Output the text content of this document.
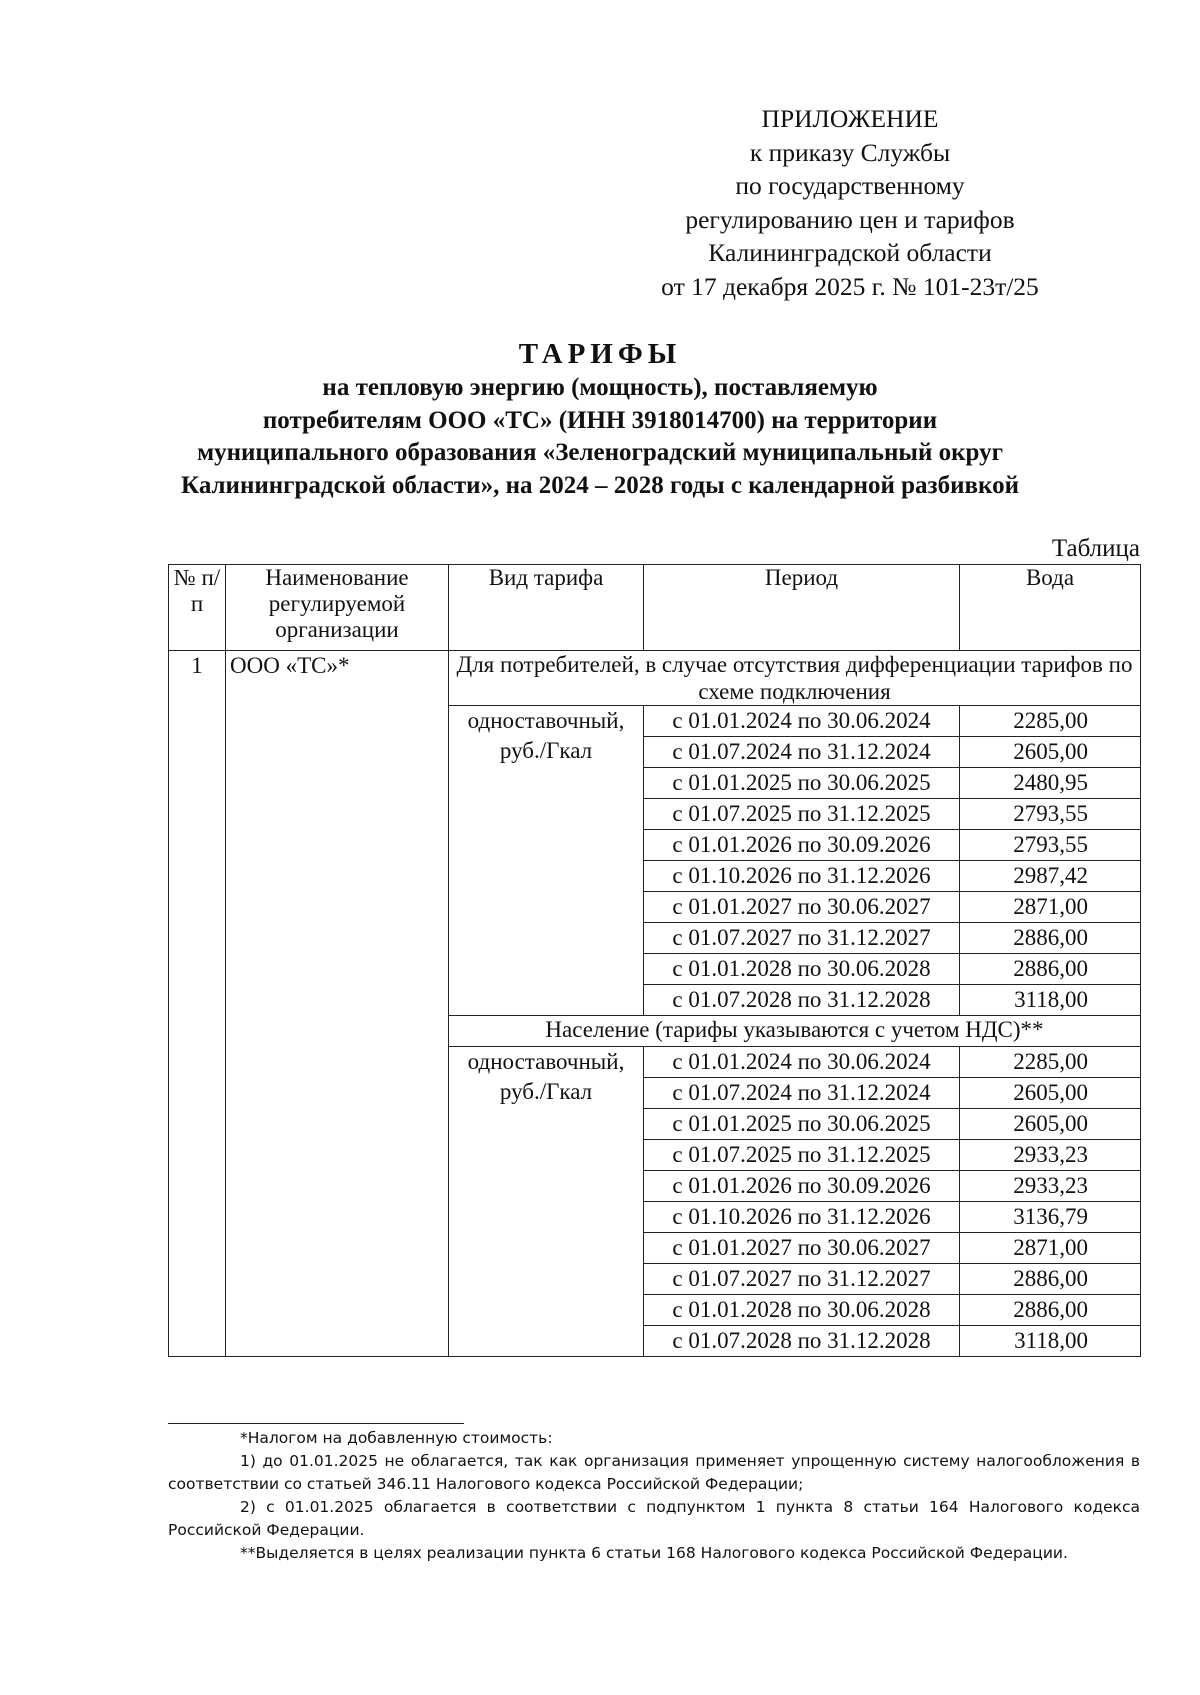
ПРИЛОЖЕНИЕ
к приказу Службы
по государственному
регулированию цен и тарифов
Калининградской области
от 17 декабря 2025 г. № 101-23т/25
ТАРИФЫ
на тепловую энергию (мощность), поставляемую
потребителям ООО «ТС» (ИНН 3918014700) на территории
муниципального образования «Зеленоградский муниципальный округ
Калининградской области», на 2024 – 2028 годы с календарной разбивкой
Таблица
№ п/п	Наименование регулируемой организации	Вид тарифа	Период	Вода
1	ООО «ТС»*	Для потребителей, в случае отсутствия дифференциации тарифов по схеме подключения		
		одноставочный, руб./Гкал	с 01.01.2024 по 30.06.2024	2285,00
			с 01.07.2024 по 31.12.2024	2605,00
			с 01.01.2025 по 30.06.2025	2480,95
			с 01.07.2025 по 31.12.2025	2793,55
			с 01.01.2026 по 30.09.2026	2793,55
			с 01.10.2026 по 31.12.2026	2987,42
			с 01.01.2027 по 30.06.2027	2871,00
			с 01.07.2027 по 31.12.2027	2886,00
			с 01.01.2028 по 30.06.2028	2886,00
			с 01.07.2028 по 31.12.2028	3118,00
		Население (тарифы указываются с учетом НДС)**		
		одноставочный, руб./Гкал	с 01.01.2024 по 30.06.2024	2285,00
			с 01.07.2024 по 31.12.2024	2605,00
			с 01.01.2025 по 30.06.2025	2605,00
			с 01.07.2025 по 31.12.2025	2933,23
			с 01.01.2026 по 30.09.2026	2933,23
			с 01.10.2026 по 31.12.2026	3136,79
			с 01.01.2027 по 30.06.2027	2871,00
			с 01.07.2027 по 31.12.2027	2886,00
			с 01.01.2028 по 30.06.2028	2886,00
			с 01.07.2028 по 31.12.2028	3118,00
*Налогом на добавленную стоимость:
1) до 01.01.2025 не облагается, так как организация применяет упрощенную систему налогообложения в соответствии со статьей 346.11 Налогового кодекса Российской Федерации;
2) с 01.01.2025 облагается в соответствии с подпунктом 1 пункта 8 статьи 164 Налогового кодекса Российской Федерации.
**Выделяется в целях реализации пункта 6 статьи 168 Налогового кодекса Российской Федерации.
